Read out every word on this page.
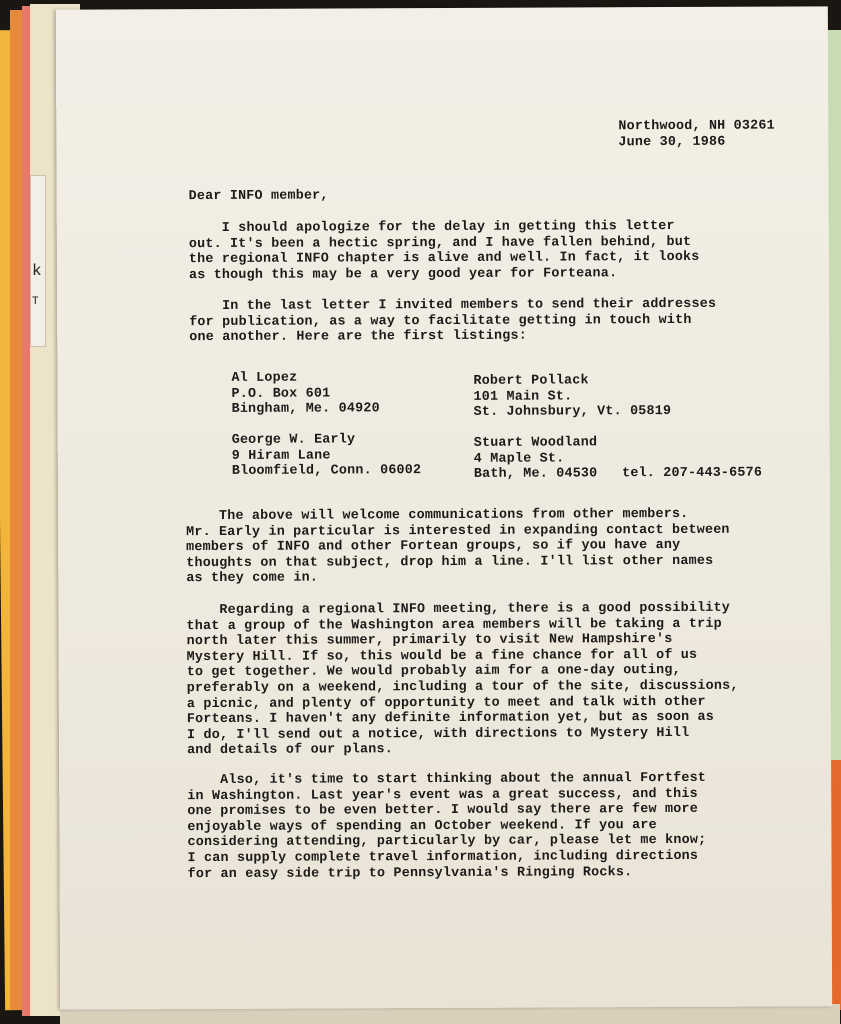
k
T
Northwood, NH 03261
June 30, 1986
Dear INFO member,
I should apologize for the delay in getting this letter
out. It's been a hectic spring, and I have fallen behind, but
the regional INFO chapter is alive and well. In fact, it looks
as though this may be a very good year for Forteana.
In the last letter I invited members to send their addresses
for publication, as a way to facilitate getting in touch with
one another. Here are the first listings:
Al Lopez
P.O. Box 601
Bingham, Me. 04920
Robert Pollack
101 Main St.
St. Johnsbury, Vt. 05819
George W. Early
9 Hiram Lane
Bloomfield, Conn. 06002
Stuart Woodland
4 Maple St.
Bath, Me. 04530   tel. 207-443-6576
The above will welcome communications from other members.
Mr. Early in particular is interested in expanding contact between
members of INFO and other Fortean groups, so if you have any
thoughts on that subject, drop him a line. I'll list other names
as they come in.
Regarding a regional INFO meeting, there is a good possibility
that a group of the Washington area members will be taking a trip
north later this summer, primarily to visit New Hampshire's
Mystery Hill. If so, this would be a fine chance for all of us
to get together. We would probably aim for a one-day outing,
preferably on a weekend, including a tour of the site, discussions,
a picnic, and plenty of opportunity to meet and talk with other
Forteans. I haven't any definite information yet, but as soon as
I do, I'll send out a notice, with directions to Mystery Hill
and details of our plans.
Also, it's time to start thinking about the annual Fortfest
in Washington. Last year's event was a great success, and this
one promises to be even better. I would say there are few more
enjoyable ways of spending an October weekend. If you are
considering attending, particularly by car, please let me know;
I can supply complete travel information, including directions
for an easy side trip to Pennsylvania's Ringing Rocks.
